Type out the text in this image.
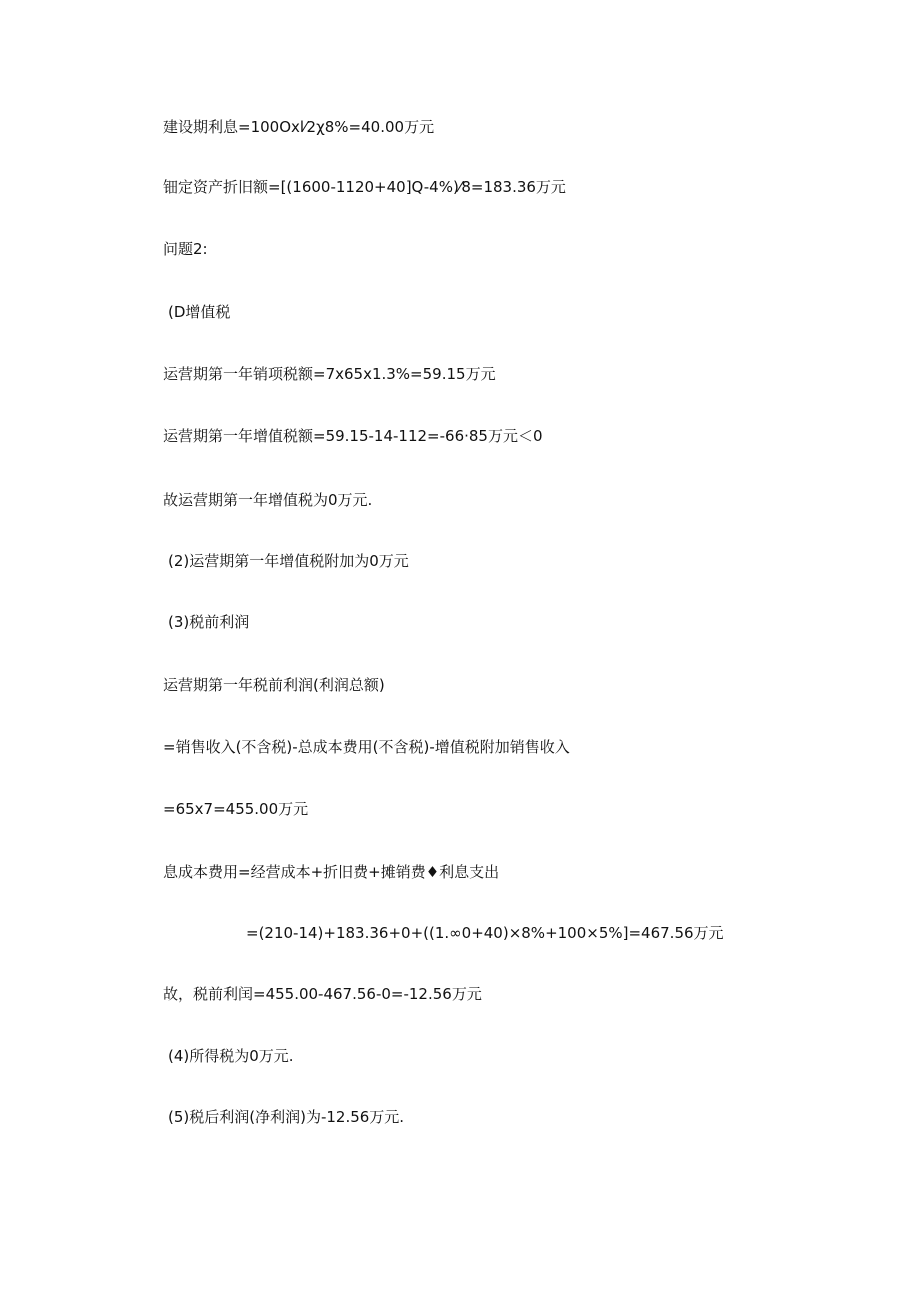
建设期利息=100Oxl⁄2χ8%=40.00万元
钿定资产折旧额=[(1600-1120+40]Q-4%)⁄8=183.36万元
问题2:
(D增值税
运营期第一年销项税额=7x65x1.3%=59.15万元
运营期第一年增值税额=59.15-14-112=-66·85万元＜0
故运营期第一年增值税为0万元.
(2)运营期第一年增值税附加为0万元
(3)税前利润
运营期第一年税前利润(利润总额)
=销售收入(不含税)-总成本费用(不含税)-增值税附加销售收入
=65x7=455.00万元
息成本费用=经营成本+折旧费+摊销费♦利息支出
=(210-14)+183.36+0+((1.∞0+40)×8%+100×5%]=467.56万元
故，税前利闰=455.00-467.56-0=-12.56万元
(4)所得税为0万元.
(5)税后利润(净利润)为-12.56万元.
